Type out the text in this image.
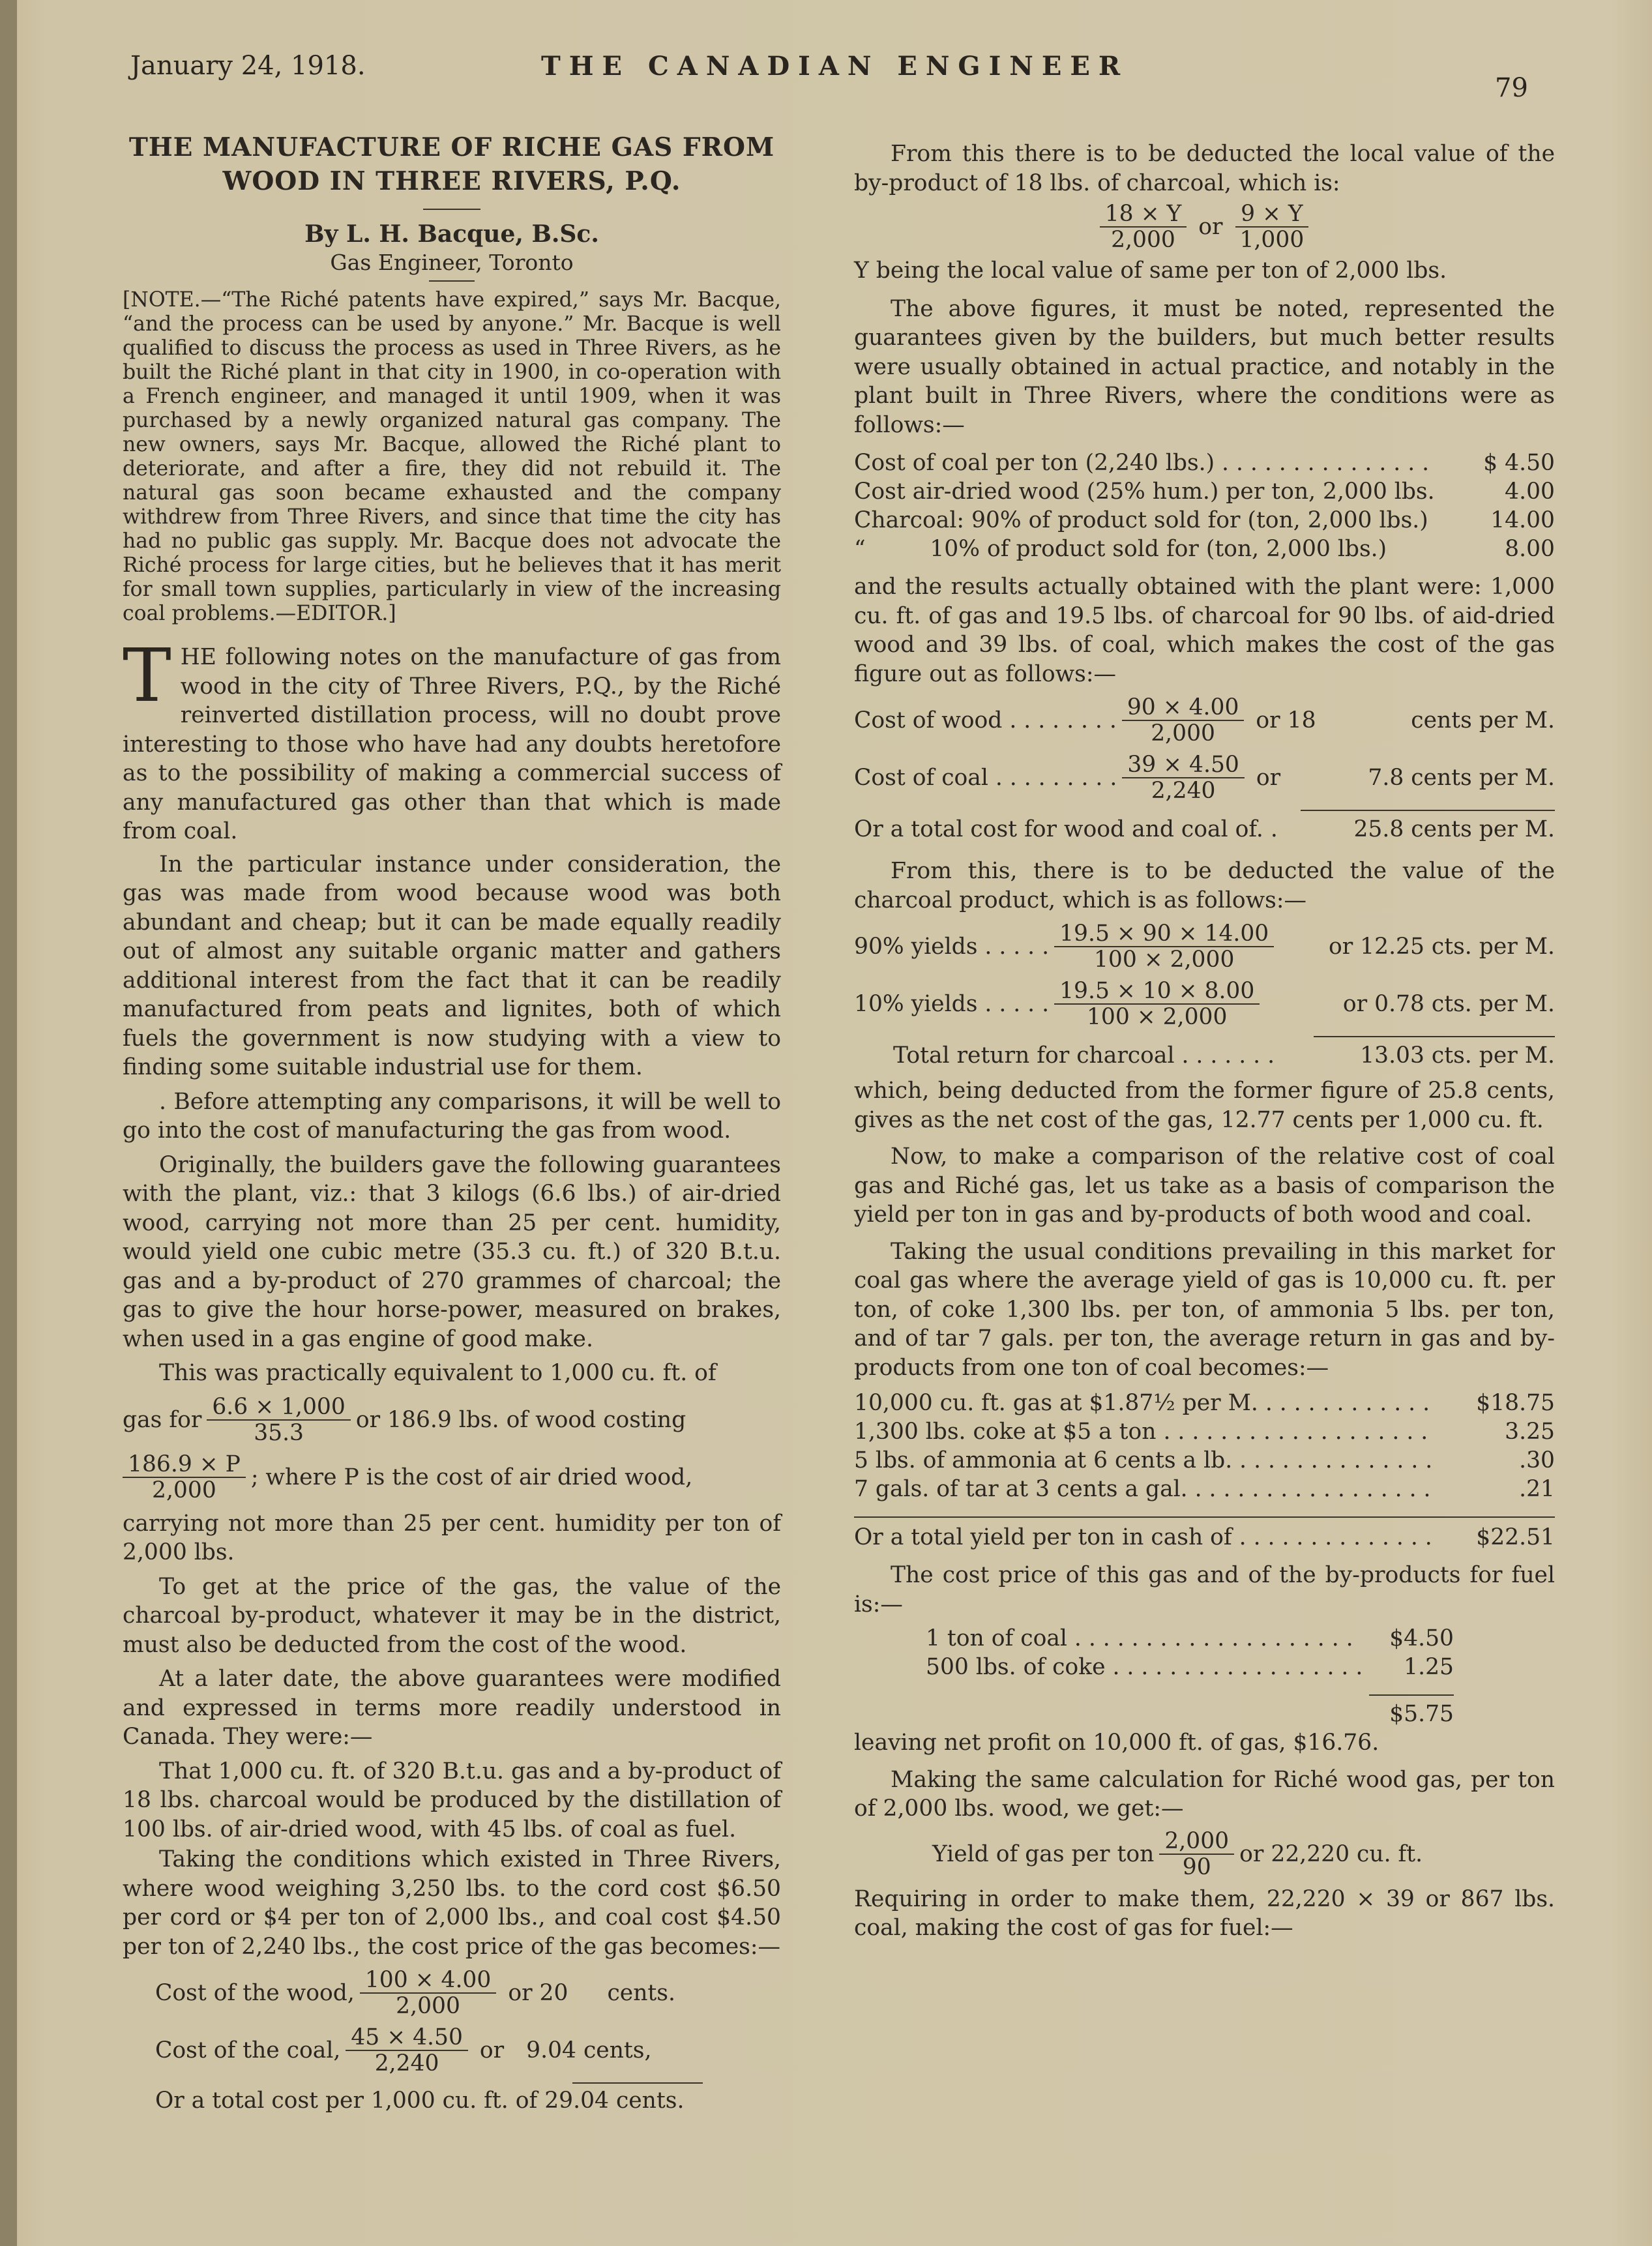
January 24, 1918.	THE CANADIAN ENGINEER
79
THE MANUFACTURE OF RICHE GAS FROM
WOOD IN THREE RIVERS, P.Q.

By L. H. Bacque, B.Sc.

Gas Engineer, Toronto

[NOTE.—“The Riché patents have expired,” says Mr. Bacque, “and the process can be used by anyone.” Mr. Bacque is well qualified to discuss the process as used in Three Rivers, as he built the Riché plant in that city in 1900, in co-operation with a French engineer, and managed it until 1909, when it was purchased by a newly organized natural gas company. The new owners, says Mr. Bacque, allowed the Riché plant to deteriorate, and after a fire, they did not rebuild it. The natural gas soon became exhausted and the company withdrew from Three Rivers, and since that time the city has had no public gas supply. Mr. Bacque does not advocate the Riché process for large cities, but he believes that it has merit for small town supplies, particularly in view of the increasing coal problems.—EDITOR.]

THE following notes on the manufacture of gas from wood in the city of Three Rivers, P.Q., by the Riché reinverted distillation process, will no doubt prove interesting to those who have had any doubts heretofore as to the possibility of making a commercial success of any manufactured gas other than that which is made from coal.

In the particular instance under consideration, the gas was made from wood because wood was both abundant and cheap; but it can be made equally readily out of almost any suitable organic matter and gathers additional interest from the fact that it can be readily manufactured from peats and lignites, both of which fuels the government is now studying with a view to finding some suitable industrial use for them.

. Before attempting any comparisons, it will be well to go into the cost of manufacturing the gas from wood.

Originally, the builders gave the following guarantees with the plant, viz.: that 3 kilogs (6.6 lbs.) of air-dried wood, carrying not more than 25 per cent. humidity, would yield one cubic metre (35.3 cu. ft.) of 320 B.t.u. gas and a by-product of 270 grammes of charcoal; the gas to give the hour horse-power, measured on brakes, when used in a gas engine of good make.

This was practically equivalent to 1,000 cu. ft. of

gas for $\frac{6.6 \times 1,000}{35.3}$ or 186.9 lbs. of wood costing
$\frac{186.9 \times P}{2,000}$ ; where P is the cost of air dried wood,

carrying not more than 25 per cent. humidity per ton of 2,000 lbs.

To get at the price of the gas, the value of the charcoal by-product, whatever it may be in the district, must also be deducted from the cost of the wood.

At a later date, the above guarantees were modified and expressed in terms more readily understood in Canada. They were:—

That 1,000 cu. ft. of 320 B.t.u. gas and a by-product of 18 lbs. charcoal would be produced by the distillation of 100 lbs. of air-dried wood, with 45 lbs. of coal as fuel.

Taking the conditions which existed in Three Rivers, where wood weighing 3,250 lbs. to the cord cost $6.50 per cord or $4 per ton of 2,000 lbs., and coal cost $4.50 per ton of 2,240 lbs., the cost price of the gas becomes:—

Cost of the wood, $\frac{100 \times 4.00}{2,000}$ or 20 cents.
Cost of the coal, $\frac{45 \times 4.50}{2,240}$ or 9.04 cents,

Or a total cost per 1,000 cu. ft. of 29.04 cents.

From this there is to be deducted the local value of the by-product of 18 lbs. of charcoal, which is:

$\frac{18 \times Y}{2,000}$ or $\frac{9 \times Y}{1,000}$

Y being the local value of same per ton of 2,000 lbs.

The above figures, it must be noted, represented the guarantees given by the builders, but much better results were usually obtained in actual practice, and notably in the plant built in Three Rivers, where the conditions were as follows:—

Cost of coal per ton (2,240 lbs.) . . . . . . . . . . . . . . . $ 4.50
Cost air-dried wood (25% hum.) per ton, 2,000 lbs.	4.00
Charcoal: 90% of product sold for (ton, 2,000 lbs.)	14.00
“         10% of product sold for (ton, 2,000 lbs.)	8.00

and the results actually obtained with the plant were: 1,000 cu. ft. of gas and 19.5 lbs. of charcoal for 90 lbs. of aid-dried wood and 39 lbs. of coal, which makes the cost of the gas figure out as follows:—

Cost of wood . . . . . . . . $\frac{90 \times 4.00}{2,000}$ or 18	cents per M.
Cost of coal . . . . . . . . . $\frac{39 \times 4.50}{2,240}$ or	7.8 cents per M.
Or a total cost for wood and coal of. .	25.8 cents per M.

From this, there is to be deducted the value of the charcoal product, which is as follows:—

90% yields . . . . . $\frac{19.5 \times 90 \times 14.00}{100 \times 2,000}$ or 12.25 cts. per M.
10% yields . . . . . $\frac{19.5 \times 10 \times 8.00}{100 \times 2,000}$	or 0.78 cts. per M.
Total return for charcoal . . . . . . .	13.03 cts. per M.

which, being deducted from the former figure of 25.8 cents, gives as the net cost of the gas, 12.77 cents per 1,000 cu. ft.

Now, to make a comparison of the relative cost of coal gas and Riché gas, let us take as a basis of comparison the yield per ton in gas and by-products of both wood and coal.

Taking the usual conditions prevailing in this market for coal gas where the average yield of gas is 10,000 cu. ft. per ton, of coke 1,300 lbs. per ton, of ammonia 5 lbs. per ton, and of tar 7 gals. per ton, the average return in gas and by-products from one ton of coal becomes:—

10,000 cu. ft. gas at $1.87½ per M. . . . . . . . . . . . . $18.75
1,300 lbs. coke at $5 a ton . . . . . . . . . . . . . . . . . . .	3.25
5 lbs. of ammonia at 6 cents a lb. . . . . . . . . . . . . . .	.30
7 gals. of tar at 3 cents a gal. . . . . . . . . . . . . . . . . .	.21
Or a total yield per ton in cash of . . . . . . . . . . . . . . $22.51

The cost price of this gas and of the by-products for fuel is:—

1 ton of coal . . . . . . . . . . . . . . . . . . . . $4.50
500 lbs. of coke . . . . . . . . . . . . . . . . . . 1.25
$5.75

leaving net profit on 10,000 ft. of gas, $16.76.

Making the same calculation for Riché wood gas, per ton of 2,000 lbs. wood, we get:—

Yield of gas per ton $\frac{2,000}{90}$ or 22,220 cu. ft.

Requiring in order to make them, 22,220 × 39 or 867 lbs. coal, making the cost of gas for fuel:—
